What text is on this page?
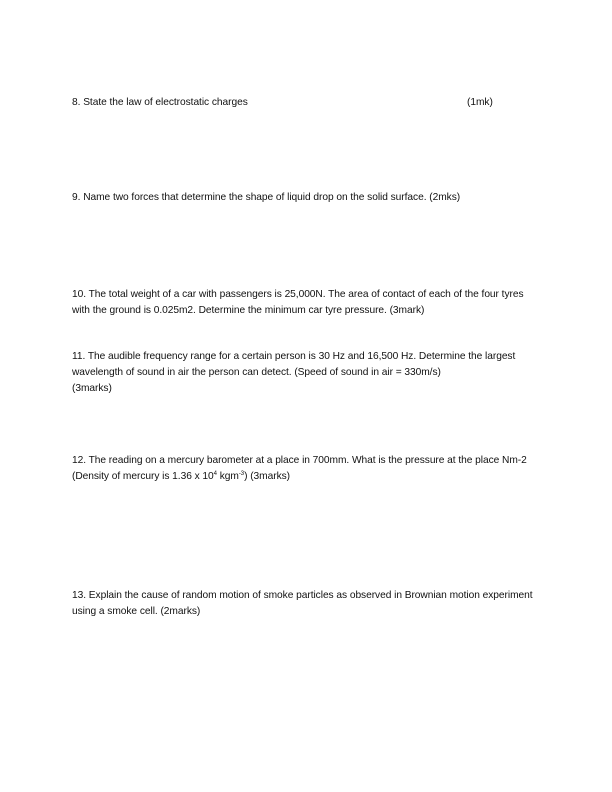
8. State the law of electrostatic charges	(1mk)
9. Name two forces that determine the shape of liquid drop on the solid surface. (2mks)
10. The total weight of a car with passengers is 25,000N. The area of contact of each of the four tyres with the ground is 0.025m2. Determine the minimum car tyre pressure. (3mark)
11. The audible frequency range for a certain person is 30 Hz and 16,500 Hz. Determine the largest wavelength of sound in air the person can detect. (Speed of sound in air = 330m/s)
(3marks)
12. The reading on a mercury barometer at a place in 700mm. What is the pressure at the place Nm-2 (Density of mercury is 1.36 x $10^4$ kgm$^{-3}$) (3marks)
13. Explain the cause of random motion of smoke particles as observed in Brownian motion experiment using a smoke cell. (2marks)
